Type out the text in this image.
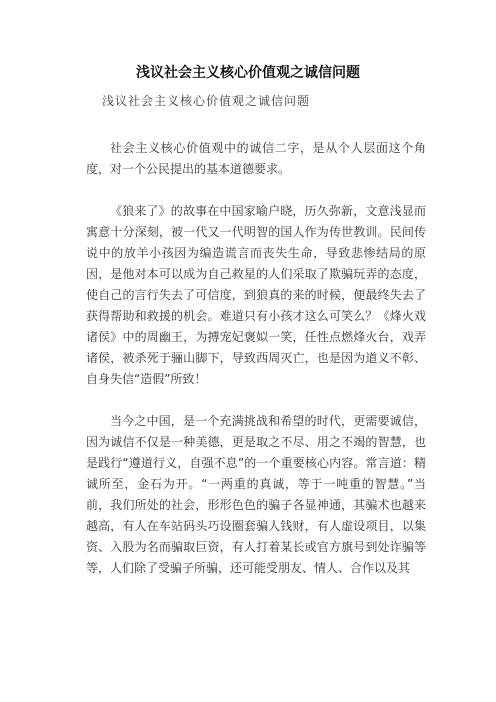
浅议社会主义核心价值观之诚信问题
浅议社会主义核心价值观之诚信问题

社会主义核心价值观中的诚信二字，是从个人层面这个角度，对一个公民提出的基本道德要求。

《狼来了》的故事在中国家喻户晓，历久弥新，文意浅显而寓意十分深刻，被一代又一代明智的国人作为传世教训。民间传说中的放羊小孩因为编造谎言而丧失生命，导致悲惨结局的原因，是他对本可以成为自己救星的人们采取了欺骗玩弄的态度，使自己的言行失去了可信度，到狼真的来的时候，便最终失去了获得帮助和救援的机会。难道只有小孩才这么可笑么？《烽火戏诸侯》中的周幽王，为搏宠妃褒姒一笑，任性点燃烽火台，戏弄诸侯，被杀死于骊山脚下，导致西周灭亡，也是因为道义不彰、自身失信“造假”所致！

当今之中国，是一个充满挑战和希望的时代，更需要诚信，因为诚信不仅是一种美德，更是取之不尽、用之不竭的智慧，也是践行“遵道行义，自强不息”的一个重要核心内容。常言道：精诚所至，金石为开。“一两重的真诚，等于一吨重的智慧。”当前，我们所处的社会，形形色色的骗子各显神通，其骗术也越来越高，有人在车站码头巧设圈套骗人钱财，有人虚设项目，以集资、入股为名而骗取巨资，有人打着某长或官方旗号到处诈骗等等，人们除了受骗子所骗，还可能受朋友、情人、合作以及其
